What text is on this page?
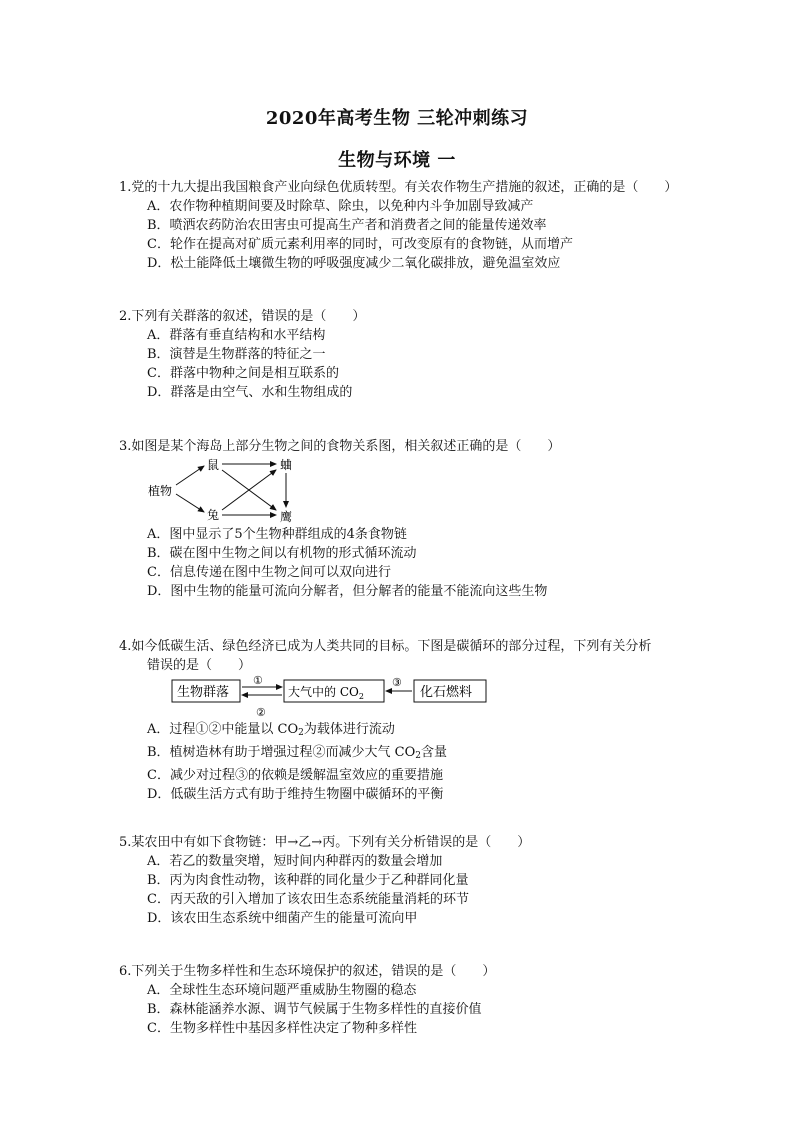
2020年高考生物 三轮冲刺练习
生物与环境 一
1.党的十九大提出我国粮食产业向绿色优质转型。有关农作物生产措施的叙述，正确的是（　　）
A．农作物种植期间要及时除草、除虫，以免种内斗争加剧导致减产
B．喷洒农药防治农田害虫可提高生产者和消费者之间的能量传递效率
C．轮作在提高对矿质元素利用率的同时，可改变原有的食物链，从而增产
D．松土能降低土壤微生物的呼吸强度减少二氧化碳排放，避免温室效应
2.下列有关群落的叙述，错误的是（　　）
A．群落有垂直结构和水平结构
B．演替是生物群落的特征之一
C．群落中物种之间是相互联系的
D．群落是由空气、水和生物组成的
3.如图是某个海岛上部分生物之间的食物关系图，相关叙述正确的是（　　）
植物
鼠
兔
蛐
鹰
A．图中显示了5个生物种群组成的4条食物链
B．碳在图中生物之间以有机物的形式循环流动
C．信息传递在图中生物之间可以双向进行
D．图中生物的能量可流向分解者，但分解者的能量不能流向这些生物
4.如今低碳生活、绿色经济已成为人类共同的目标。下图是碳循环的部分过程，下列有关分析
错误的是（　　）
生物群落	大气中的 $CO_2$	化石燃料
①
②
③
A．过程①②中能量以 $CO_2$为载体进行流动
B．植树造林有助于增强过程②而减少大气 $CO_2$含量
C．减少对过程③的依赖是缓解温室效应的重要措施
D．低碳生活方式有助于维持生物圈中碳循环的平衡
5.某农田中有如下食物链：甲→乙→丙。下列有关分析错误的是（　　）
A．若乙的数量突增，短时间内种群丙的数量会增加
B．丙为肉食性动物，该种群的同化量少于乙种群同化量
C．丙天敌的引入增加了该农田生态系统能量消耗的环节
D．该农田生态系统中细菌产生的能量可流向甲
6.下列关于生物多样性和生态环境保护的叙述，错误的是（　　）
A．全球性生态环境问题严重威胁生物圈的稳态
B．森林能涵养水源、调节气候属于生物多样性的直接价值
C．生物多样性中基因多样性决定了物种多样性
